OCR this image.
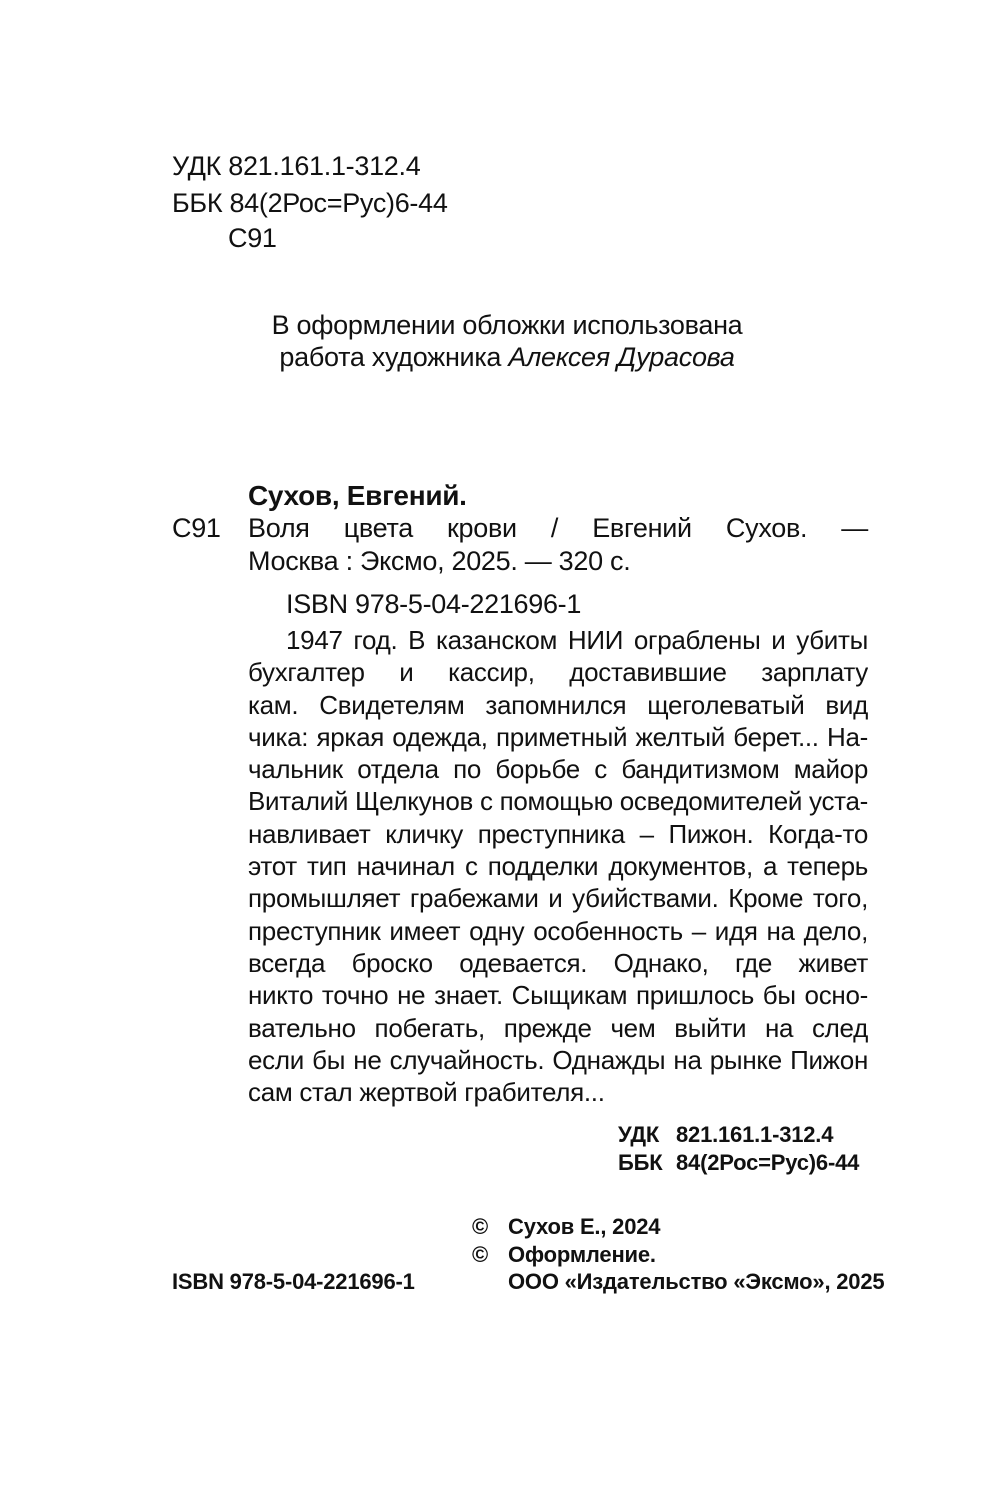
УДК 821.161.1-312.4
ББК 84(2Рос=Рус)6-44
С91
В оформлении обложки использована
работа художника Алексея Дурасова
Сухов, Евгений.
С91 Воля цвета крови / Евгений Сухов. —
Москва : Эксмо, 2025. — 320 с.
ISBN 978-5-04-221696-1
1947 год. В казанском НИИ ограблены и убиты
бухгалтер и кассир, доставившие зарплату
кам. Свидетелям запомнился щеголеватый вид
чика: яркая одежда, приметный желтый берет... На-
чальник отдела по борьбе с бандитизмом майор
Виталий Щелкунов с помощью осведомителей уста-
навливает кличку преступника – Пижон. Когда-то
этот тип начинал с подделки документов, а теперь
промышляет грабежами и убийствами. Кроме того,
преступник имеет одну особенность – идя на дело,
всегда броско одевается. Однако, где живет
никто точно не знает. Сыщикам пришлось бы осно-
вательно побегать, прежде чем выйти на след
если бы не случайность. Однажды на рынке Пижон
сам стал жертвой грабителя...
УДК 821.161.1-312.4
ББК 84(2Рос=Рус)6-44
© Сухов Е., 2024
© Оформление.
ООО «Издательство «Эксмо», 2025
ISBN 978-5-04-221696-1
